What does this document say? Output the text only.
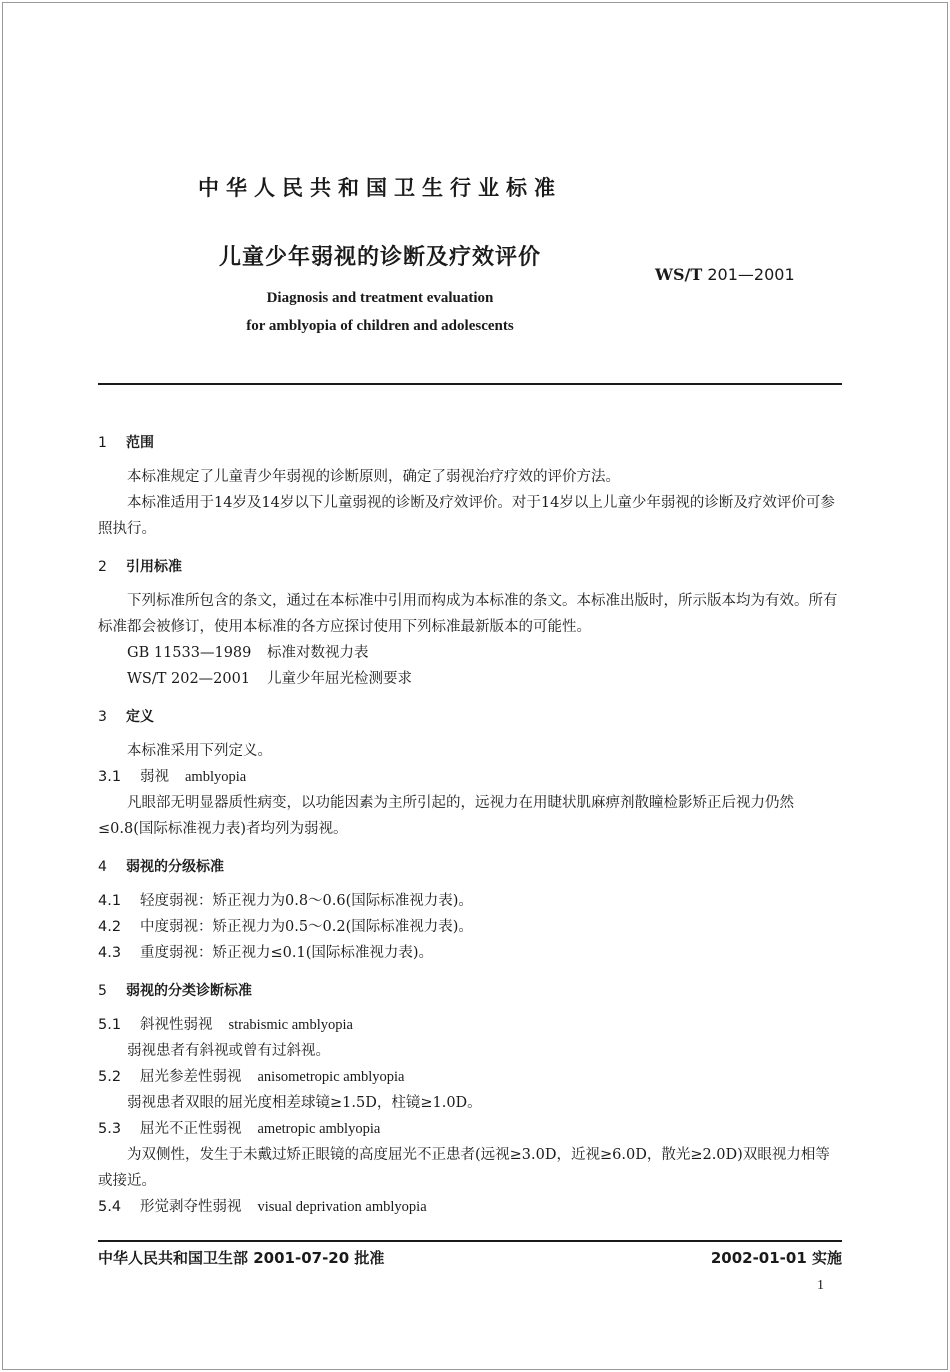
中华人民共和国卫生行业标准
儿童少年弱视的诊断及疗效评价
WS/T 201—2001
Diagnosis and treatment evaluation
for amblyopia of children and adolescents
1 范围

本标准规定了儿童青少年弱视的诊断原则，确定了弱视治疗疗效的评价方法。

本标准适用于14岁及14岁以下儿童弱视的诊断及疗效评价。对于14岁以上儿童少年弱视的诊断及疗效评价可参照执行。

2 引用标准

下列标准所包含的条文，通过在本标准中引用而构成为本标准的条文。本标准出版时，所示版本均为有效。所有标准都会被修订，使用本标准的各方应探讨使用下列标准最新版本的可能性。

GB 11533—1989 标准对数视力表
WS/T 202—2001 儿童少年屈光检测要求
3 定义

本标准采用下列定义。

3.1 弱视 amblyopia

凡眼部无明显器质性病变，以功能因素为主所引起的，远视力在用睫状肌麻痹剂散瞳检影矫正后视力仍然≤0.8(国际标准视力表)者均列为弱视。

4 弱视的分级标准
4.1 轻度弱视：矫正视力为0.8～0.6(国际标准视力表)。
4.2 中度弱视：矫正视力为0.5～0.2(国际标准视力表)。
4.3 重度弱视：矫正视力≤0.1(国际标准视力表)。
5 弱视的分类诊断标准
5.1 斜视性弱视 strabismic amblyopia

弱视患者有斜视或曾有过斜视。

5.2 屈光参差性弱视 anisometropic amblyopia

弱视患者双眼的屈光度相差球镜≥1.5D，柱镜≥1.0D。

5.3 屈光不正性弱视 ametropic amblyopia

为双侧性，发生于未戴过矫正眼镜的高度屈光不正患者(远视≥3.0D，近视≥6.0D，散光≥2.0D)双眼视力相等或接近。

5.4 形觉剥夺性弱视 visual deprivation amblyopia
中华人民共和国卫生部 2001-07-20 批准	2002-01-01 实施
1
